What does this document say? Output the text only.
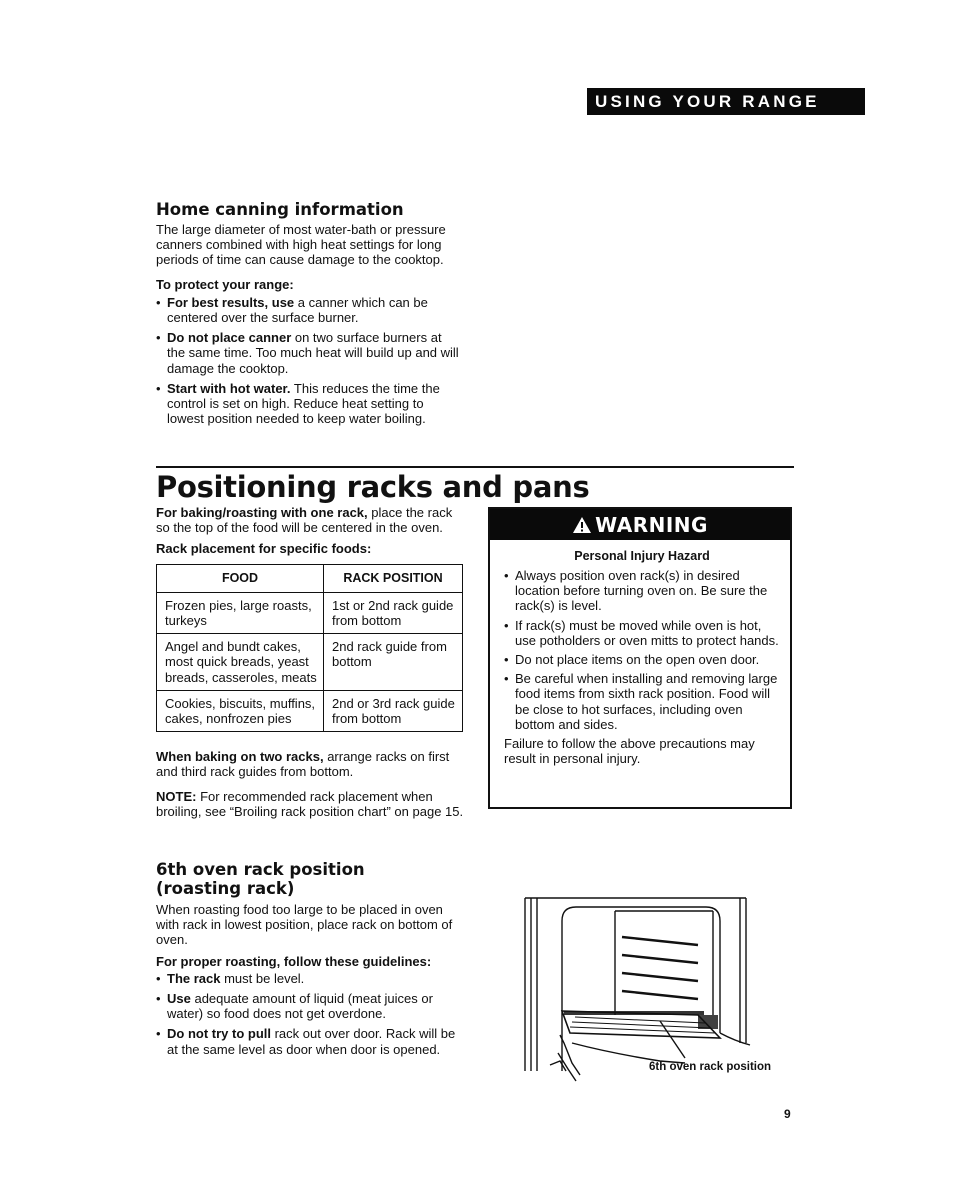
USING YOUR RANGE
Home canning information
The large diameter of most water-bath or pressure canners combined with high heat settings for long periods of time can cause damage to the cooktop.
To protect your range:
• For best results, use a canner which can be centered over the surface burner.
• Do not place canner on two surface burners at the same time. Too much heat will build up and will damage the cooktop.
• Start with hot water. This reduces the time the control is set on high. Reduce heat setting to lowest position needed to keep water boiling.
Positioning racks and pans
For baking/roasting with one rack, place the rack so the top of the food will be centered in the oven.
Rack placement for specific foods:
FOOD	RACK POSITION
Frozen pies, large roasts, turkeys	1st or 2nd rack guide from bottom
Angel and bundt cakes, most quick breads, yeast breads, casseroles, meats	2nd rack guide from bottom
Cookies, biscuits, muffins, cakes, nonfrozen pies	2nd or 3rd rack guide from bottom
When baking on two racks, arrange racks on first and third rack guides from bottom.
NOTE: For recommended rack placement when broiling, see “Broiling rack position chart” on page 15.
WARNING
Personal Injury Hazard
• Always position oven rack(s) in desired location before turning oven on. Be sure the rack(s) is level.
• If rack(s) must be moved while oven is hot, use potholders or oven mitts to protect hands.
• Do not place items on the open oven door.
• Be careful when installing and removing large food items from sixth rack position. Food will be close to hot surfaces, including oven bottom and sides.
Failure to follow the above precautions may result in personal injury.
6th oven rack position
(roasting rack)
When roasting food too large to be placed in oven with rack in lowest position, place rack on bottom of oven.
For proper roasting, follow these guidelines:
• The rack must be level.
• Use adequate amount of liquid (meat juices or water) so food does not get overdone.
• Do not try to pull rack out over door. Rack will be at the same level as door when door is opened.
6th oven rack position
9
